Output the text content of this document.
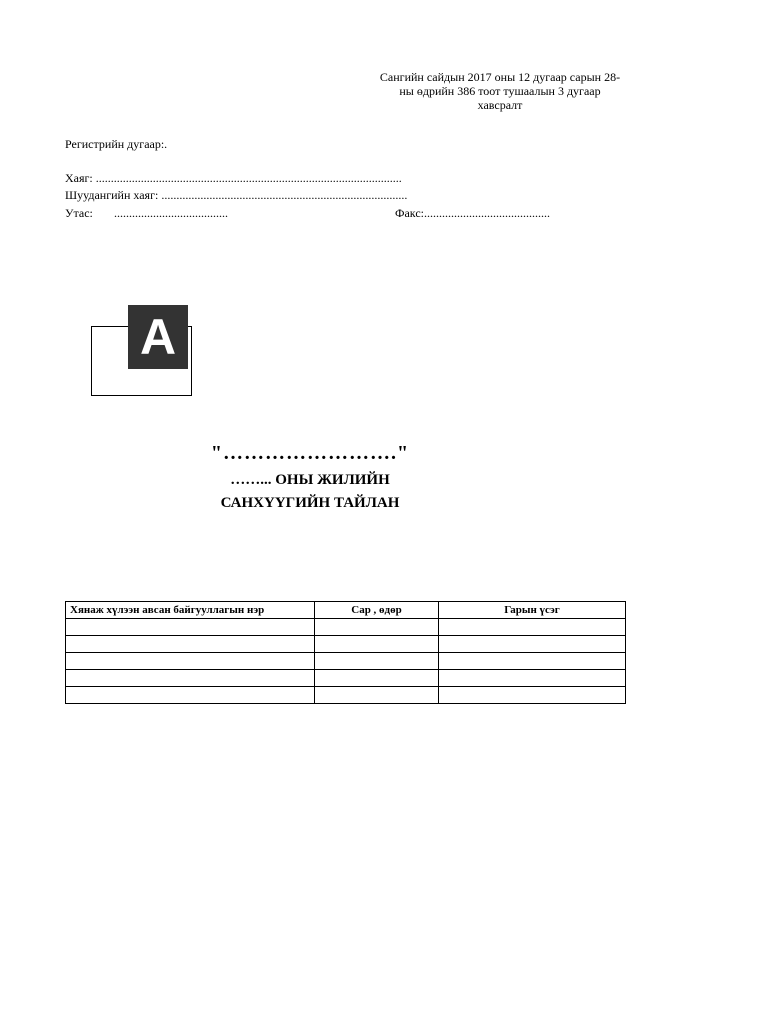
Сангийн сайдын 2017 оны 12 дугаар сарын 28-
ны өдрийн 386 тоот тушаалын 3 дугаар
хавсралт
Регистрийн дугаар:.
Хаяг: ......................................................................................................
Шуудангийн хаяг: ..................................................................................
Утас: ......................................	Факс:..........................................
A
"……………………."
……... ОНЫ ЖИЛИЙН
САНХҮҮГИЙН ТАЙЛАН
Хянаж хүлээн авсан байгууллагын нэр	Сар , өдөр	Гарын үсэг
